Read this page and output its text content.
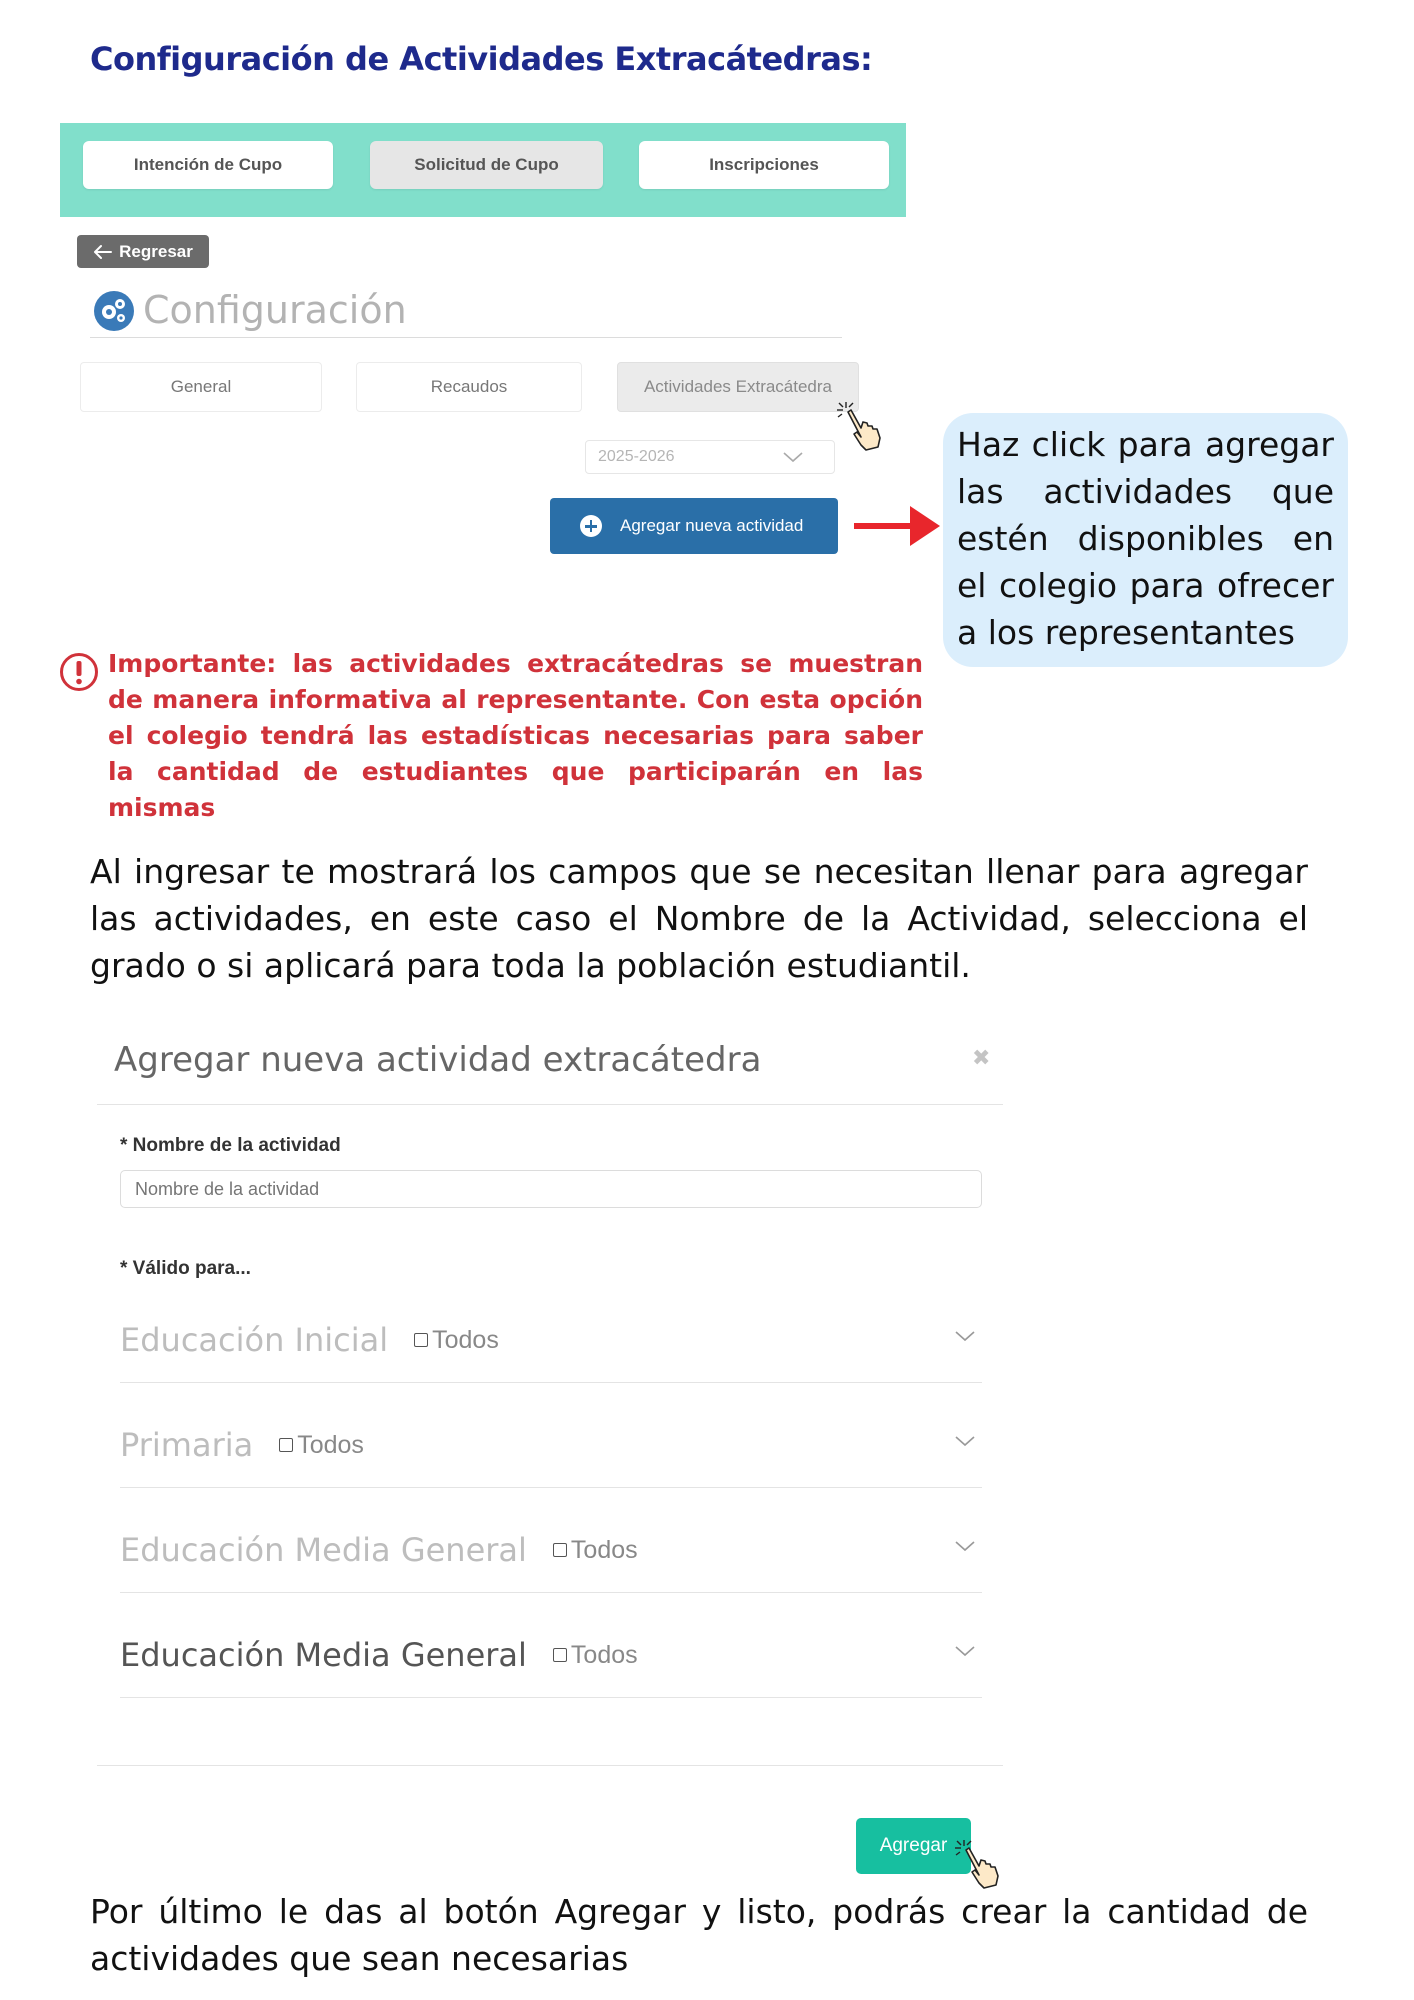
Configuración de Actividades Extracátedras:
Intención de Cupo	Solicitud de Cupo	Inscripciones
Regresar
Configuración
General	Recaudos	Actividades Extracátedra
2025-2026
Agregar nueva actividad
Haz click para agregar las actividades que estén disponibles en el colegio para ofrecer a los representantes
Importante: las actividades extracátedras se muestran de manera informativa al representante. Con esta opción el colegio tendrá las estadísticas necesarias para saber la cantidad de estudiantes que participarán en las mismas
Al ingresar te mostrará los campos que se necesitan llenar para agregar las actividades, en este caso el Nombre de la Actividad, selecciona el grado o si aplicará para toda la población estudiantil.
Agregar nueva actividad extracátedra	✖
* Nombre de la actividad
Nombre de la actividad
* Válido para...
Educación Inicial Todos
Primaria Todos
Educación Media General Todos
Educación Media General Todos
Agregar
Por último le das al botón Agregar y listo, podrás crear la cantidad de actividades que sean necesarias
